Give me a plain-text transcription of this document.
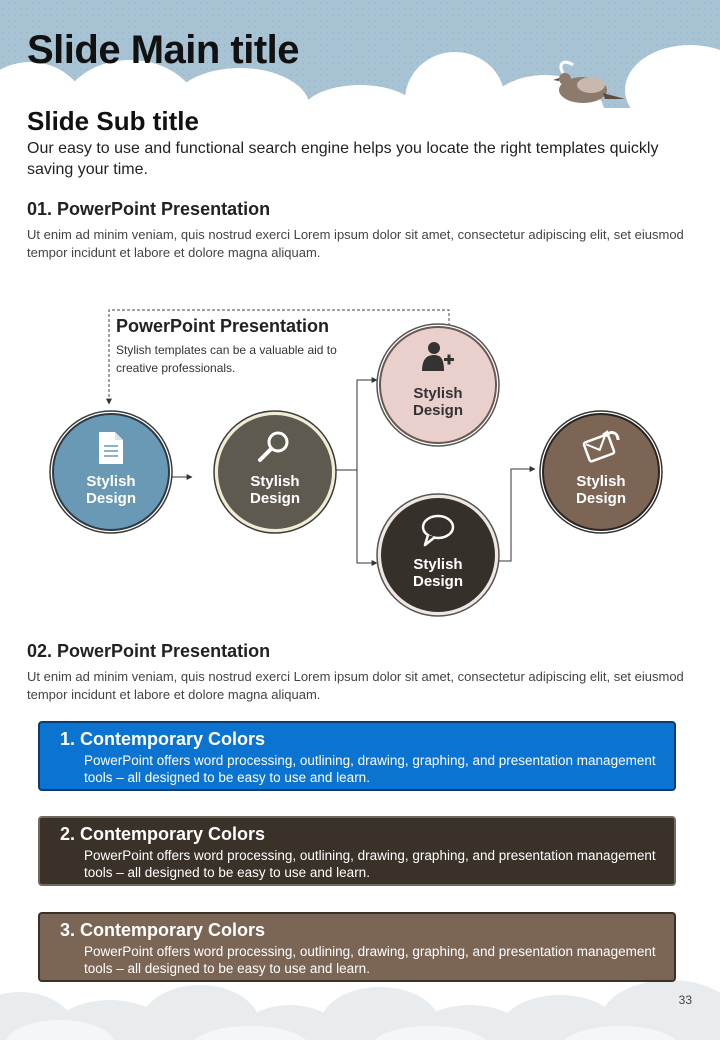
Slide Main title
Slide Sub title
Our easy to use and functional search engine helps you locate the right templates quickly saving your time.
01. PowerPoint Presentation
Ut enim ad minim veniam, quis nostrud exerci Lorem ipsum dolor sit amet, consectetur adipiscing elit, set eiusmod tempor incidunt et labore et dolore magna aliquam.
Stylish
Design
Stylish
Design
Stylish
Design
Stylish
Design
Stylish
Design
PowerPoint Presentation
Stylish templates can be a valuable aid to creative professionals.
02. PowerPoint Presentation
Ut enim ad minim veniam, quis nostrud exerci Lorem ipsum dolor sit amet, consectetur adipiscing elit, set eiusmod tempor incidunt et labore et dolore magna aliquam.
1. Contemporary Colors
PowerPoint offers word processing, outlining, drawing, graphing, and presentation management tools – all designed to be easy to use and learn.
2. Contemporary Colors
PowerPoint offers word processing, outlining, drawing, graphing, and presentation management tools – all designed to be easy to use and learn.
3. Contemporary Colors
PowerPoint offers word processing, outlining, drawing, graphing, and presentation management tools – all designed to be easy to use and learn.
33
